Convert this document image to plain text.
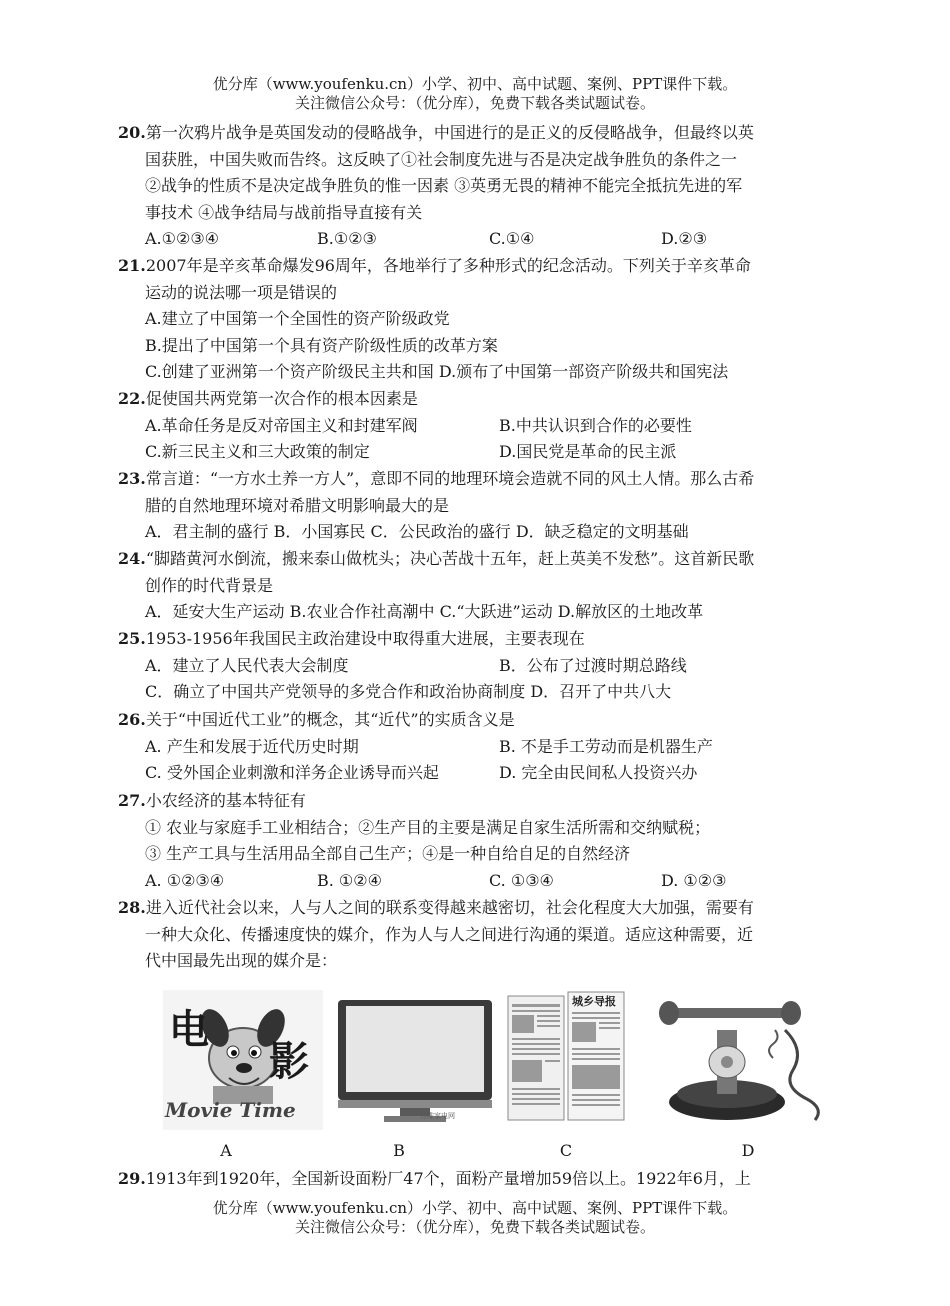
优分库（www.youfenku.cn）小学、初中、高中试题、案例、PPT课件下载。
关注微信公众号：（优分库），免费下载各类试题试卷。

20.第一次鸦片战争是英国发动的侵略战争，中国进行的是正义的反侵略战争，但最终以英

国获胜，中国失败而告终。这反映了①社会制度先进与否是决定战争胜负的条件之一

②战争的性质不是决定战争胜负的惟一因素 ③英勇无畏的精神不能完全抵抗先进的军

事技术 ④战争结局与战前指导直接有关

A.①②③④	B.①②③	C.①④	D.②③

21.2007年是辛亥革命爆发96周年，各地举行了多种形式的纪念活动。下列关于辛亥革命

运动的说法哪一项是错误的

A.建立了中国第一个全国性的资产阶级政党

B.提出了中国第一个具有资产阶级性质的改革方案

C.创建了亚洲第一个资产阶级民主共和国 D.颁布了中国第一部资产阶级共和国宪法

22.促使国共两党第一次合作的根本因素是

A.革命任务是反对帝国主义和封建军阀	B.中共认识到合作的必要性
C.新三民主义和三大政策的制定	D.国民党是革命的民主派

23.常言道：“一方水土养一方人”，意即不同的地理环境会造就不同的风土人情。那么古希

腊的自然地理环境对希腊文明影响最大的是

A．君主制的盛行 B．小国寡民 C．公民政治的盛行 D．缺乏稳定的文明基础

24.“脚踏黄河水倒流，搬来泰山做枕头；决心苦战十五年，赶上英美不发愁”。这首新民歌

创作的时代背景是

A．延安大生产运动 B.农业合作社高潮中 C.“大跃进”运动 D.解放区的土地改革

25.1953-1956年我国民主政治建设中取得重大进展，主要表现在

A．建立了人民代表大会制度	B．公布了过渡时期总路线

C．确立了中国共产党领导的多党合作和政治协商制度 D．召开了中共八大

26.关于“中国近代工业”的概念，其“近代”的实质含义是

A. 产生和发展于近代历史时期	B. 不是手工劳动而是机器生产
C. 受外国企业刺激和洋务企业诱导而兴起	D. 完全由民间私人投资兴办

27.小农经济的基本特征有

① 农业与家庭手工业相结合；②生产目的主要是满足自家生活所需和交纳赋税；

③ 生产工具与生活用品全部自己生产；④是一种自给自足的自然经济

A. ①②③④	B. ①②④	C. ①③④	D. ①②③

28.进入近代社会以来，人与人之间的联系变得越来越密切，社会化程度大大加强，需要有

一种大众化、传播速度快的媒介，作为人与人之间进行沟通的渠道。适应这种需要，近

代中国最先出现的媒介是：

电
影
Movie Time	万维家电网
城乡导报
A	B	C	D

29.1913年到1920年，全国新设面粉厂47个，面粉产量增加59倍以上。1922年6月，上

优分库（www.youfenku.cn）小学、初中、高中试题、案例、PPT课件下载。
关注微信公众号：（优分库），免费下载各类试题试卷。
